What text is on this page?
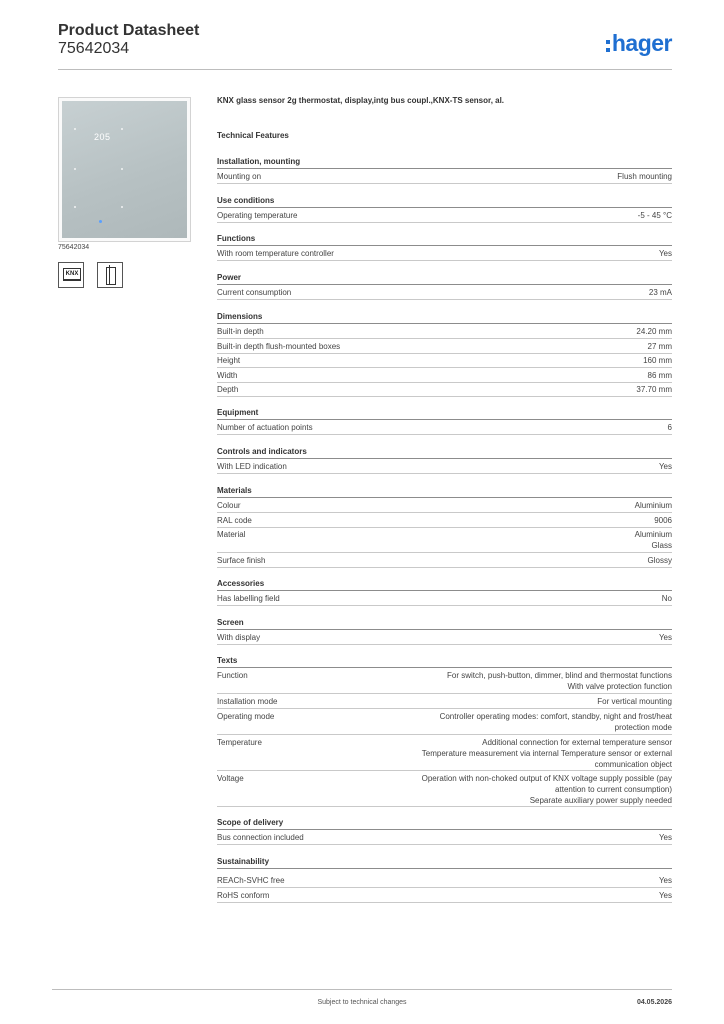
Product Datasheet
75642034	hager
205
75642034
KNX
KNX glass sensor 2g thermostat, display,intg bus coupl.,KNX-TS sensor, al.
Technical Features
Installation, mounting
Mounting on	Flush mounting
Use conditions
Operating temperature	-5 - 45 °C
Functions
With room temperature controller	Yes
Power
Current consumption	23 mA
Dimensions
Built-in depth	24.20 mm
Built-in depth flush-mounted boxes	27 mm
Height	160 mm
Width	86 mm
Depth	37.70 mm
Equipment
Number of actuation points	6
Controls and indicators
With LED indication	Yes
Materials
Colour	Aluminium
RAL code	9006
Material	Aluminium
Glass
Surface finish	Glossy
Accessories
Has labelling field	No
Screen
With display	Yes
Texts
Function	For switch, push-button, dimmer, blind and thermostat functions
With valve protection function
Installation mode	For vertical mounting
Operating mode	Controller operating modes: comfort, standby, night and frost/heat
protection mode
Temperature	Additional connection for external temperature sensor
Temperature measurement via internal Temperature sensor or external
communication object
Voltage	Operation with non-choked output of KNX voltage supply possible (pay
attention to current consumption)
Separate auxiliary power supply needed
Scope of delivery
Bus connection included	Yes
Sustainability
REACh-SVHC free	Yes
RoHS conform	Yes
Subject to technical changes	04.05.2026
